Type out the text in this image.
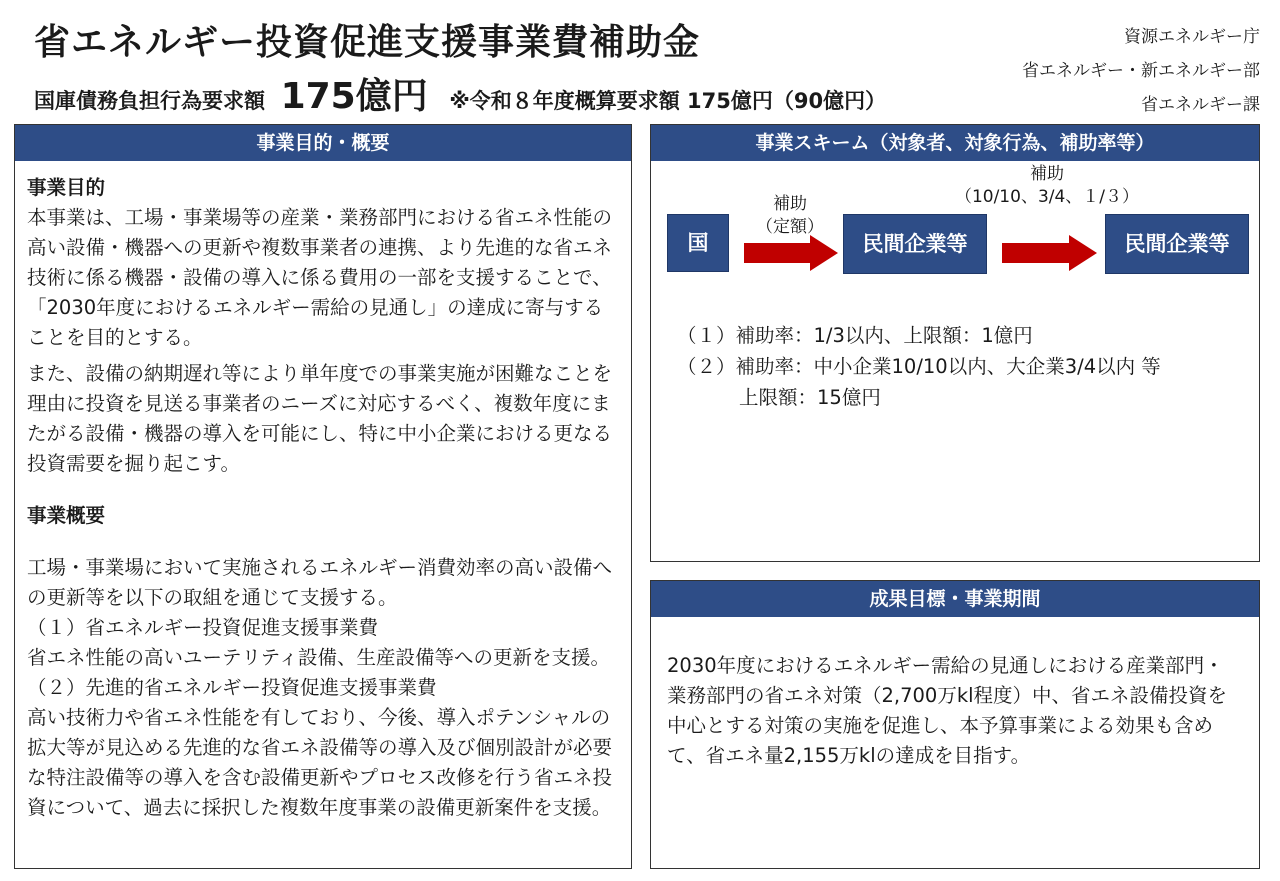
省エネルギー投資促進支援事業費補助金
国庫債務負担行為要求額 175億円 ※令和８年度概算要求額 175億円（90億円）
資源エネルギー庁
省エネルギー・新エネルギー部
省エネルギー課
事業目的・概要
事業目的

本事業は、工場・事業場等の産業・業務部門における省エネ性能の高い設備・機器への更新や複数事業者の連携、より先進的な省エネ技術に係る機器・設備の導入に係る費用の一部を支援することで、「2030年度におけるエネルギー需給の見通し」の達成に寄与することを目的とする。

また、設備の納期遅れ等により単年度での事業実施が困難なことを理由に投資を見送る事業者のニーズに対応するべく、複数年度にまたがる設備・機器の導入を可能にし、特に中小企業における更なる投資需要を掘り起こす。

事業概要

工場・事業場において実施されるエネルギー消費効率の高い設備への更新等を以下の取組を通じて支援する。

（１）省エネルギー投資促進支援事業費

省エネ性能の高いユーテリティ設備、生産設備等への更新を支援。

（２）先進的省エネルギー投資促進支援事業費

高い技術力や省エネ性能を有しており、今後、導入ポテンシャルの拡大等が見込める先進的な省エネ設備等の導入及び個別設計が必要な特注設備等の導入を含む設備更新やプロセス改修を行う省エネ投資について、過去に採択した複数年度事業の設備更新案件を支援。

事業スキーム（対象者、対象行為、補助率等）
国
補助
（定額）
民間企業等
補助
（10/10、3/4、１/３）
民間企業等
（１）補助率：1/3以内、上限額：1億円
（２）補助率：中小企業10/10以内、大企業3/4以内 等
上限額：15億円
成果目標・事業期間
2030年度におけるエネルギー需給の見通しにおける産業部門・業務部門の省エネ対策（2,700万kl程度）中、省エネ設備投資を中心とする対策の実施を促進し、本予算事業による効果も含めて、省エネ量2,155万klの達成を目指す。
